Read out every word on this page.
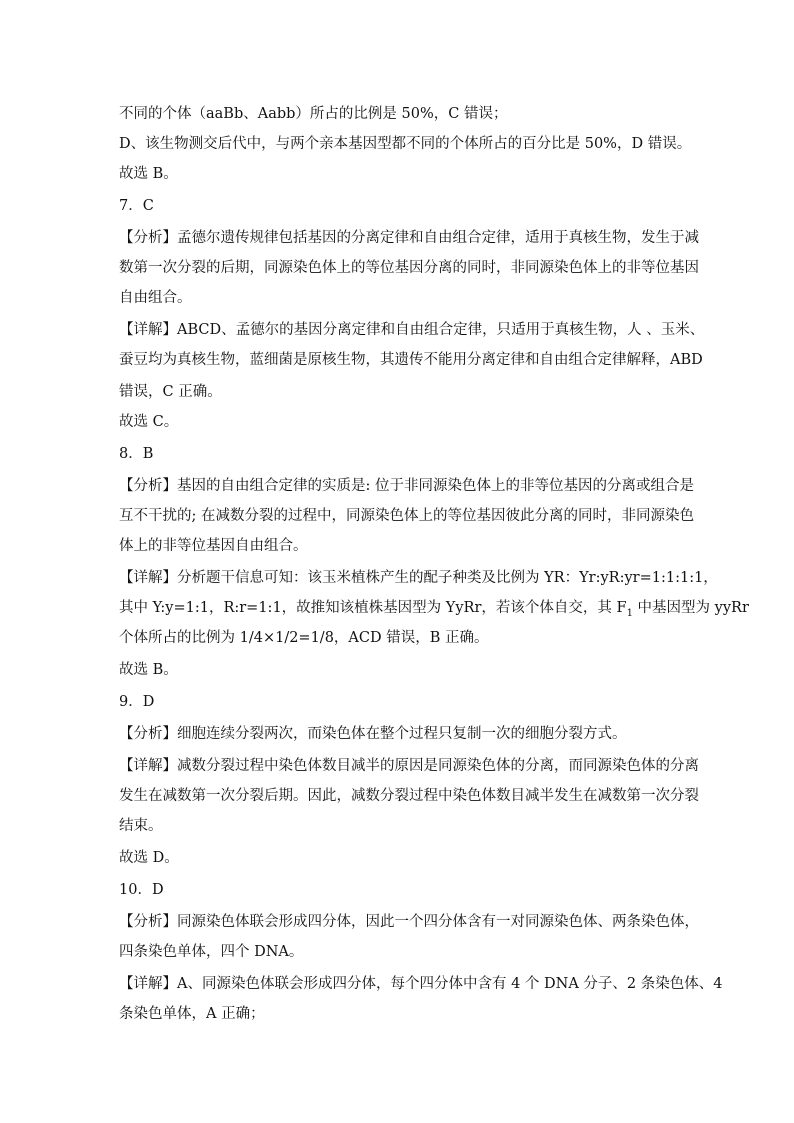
不同的个体（aaBb、Aabb）所占的比例是 50%，C 错误；
D、该生物测交后代中，与两个亲本基因型都不同的个体所占的百分比是 50%，D 错误。
故选 B。
7．C
【分析】孟德尔遗传规律包括基因的分离定律和自由组合定律，适用于真核生物，发生于减
数第一次分裂的后期，同源染色体上的等位基因分离的同时，非同源染色体上的非等位基因
自由组合。
【详解】ABCD、孟德尔的基因分离定律和自由组合定律，只适用于真核生物，人 、玉米、
蚕豆均为真核生物，蓝细菌是原核生物，其遗传不能用分离定律和自由组合定律解释，ABD
错误，C 正确。
故选 C。
8．B
【分析】基因的自由组合定律的实质是: 位于非同源染色体上的非等位基因的分离或组合是
互不干扰的; 在减数分裂的过程中，同源染色体上的等位基因彼此分离的同时，非同源染色
体上的非等位基因自由组合。
【详解】分析题干信息可知：该玉米植株产生的配子种类及比例为 YR：Yr:yR:yr=1:1:1:1，
其中 Y:y=1:1，R:r=1:1，故推知该植株基因型为 YyRr，若该个体自交，其 $F_1$ 中基因型为 yyRr
个体所占的比例为 1/4×1/2=1/8，ACD 错误，B 正确。
故选 B。
9．D
【分析】细胞连续分裂两次，而染色体在整个过程只复制一次的细胞分裂方式。
【详解】减数分裂过程中染色体数目减半的原因是同源染色体的分离，而同源染色体的分离
发生在减数第一次分裂后期。因此，减数分裂过程中染色体数目减半发生在减数第一次分裂
结束。
故选 D。
10．D
【分析】同源染色体联会形成四分体，因此一个四分体含有一对同源染色体、两条染色体，
四条染色单体，四个 DNA。
【详解】A、同源染色体联会形成四分体，每个四分体中含有 4 个 DNA 分子、2 条染色体、4
条染色单体，A 正确；
